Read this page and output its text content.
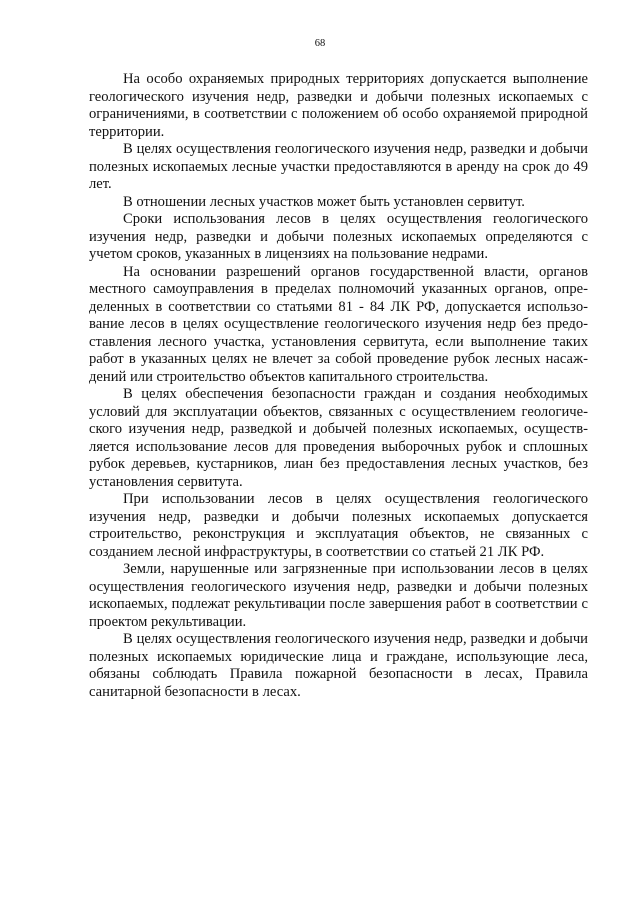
68

На особо охраняемых природных территориях допускается выполнение геологического изучения недр, разведки и добычи полезных ископаемых с ограничениями, в соответствии с положением об особо охраняемой природной территории.

В целях осуществления геологического изучения недр, разведки и добычи полезных ископаемых лесные участки предоставляются в аренду на срок до 49 лет.

В отношении лесных участков может быть установлен сервитут.

Сроки использования лесов в целях осуществления геологического изучения недр, разведки и добычи полезных ископаемых определяются с учетом сроков, указанных в лицензиях на пользование недрами.

На основании разрешений органов государственной власти, органов местного самоуправления в пределах полномочий указанных органов, определенных в соответствии со статьями 81 - 84 ЛК РФ, допускается использование лесов в целях осуществление геологического изучения недр без предоставления лесного участка, установления сервитута, если выполнение таких работ в указанных целях не влечет за собой проведение рубок лесных насаждений или строительство объектов капитального строительства.

В целях обеспечения безопасности граждан и создания необходимых условий для эксплуатации объектов, связанных с осуществлением геологического изучения недр, разведкой и добычей полезных ископаемых, осуществляется использование лесов для проведения выборочных рубок и сплошных рубок деревьев, кустарников, лиан без предоставления лесных участков, без установления сервитута.

При использовании лесов в целях осуществления геологического изучения недр, разведки и добычи полезных ископаемых допускается строительство, реконструкция и эксплуатация объектов, не связанных с созданием лесной инфраструктуры, в соответствии со статьей 21 ЛК РФ.

Земли, нарушенные или загрязненные при использовании лесов в целях осуществления геологического изучения недр, разведки и добычи полезных ископаемых, подлежат рекультивации после завершения работ в соответствии с проектом рекультивации.

В целях осуществления геологического изучения недр, разведки и добычи полезных ископаемых юридические лица и граждане, использующие леса, обязаны соблюдать Правила пожарной безопасности в лесах, Правила санитарной безопасности в лесах.
